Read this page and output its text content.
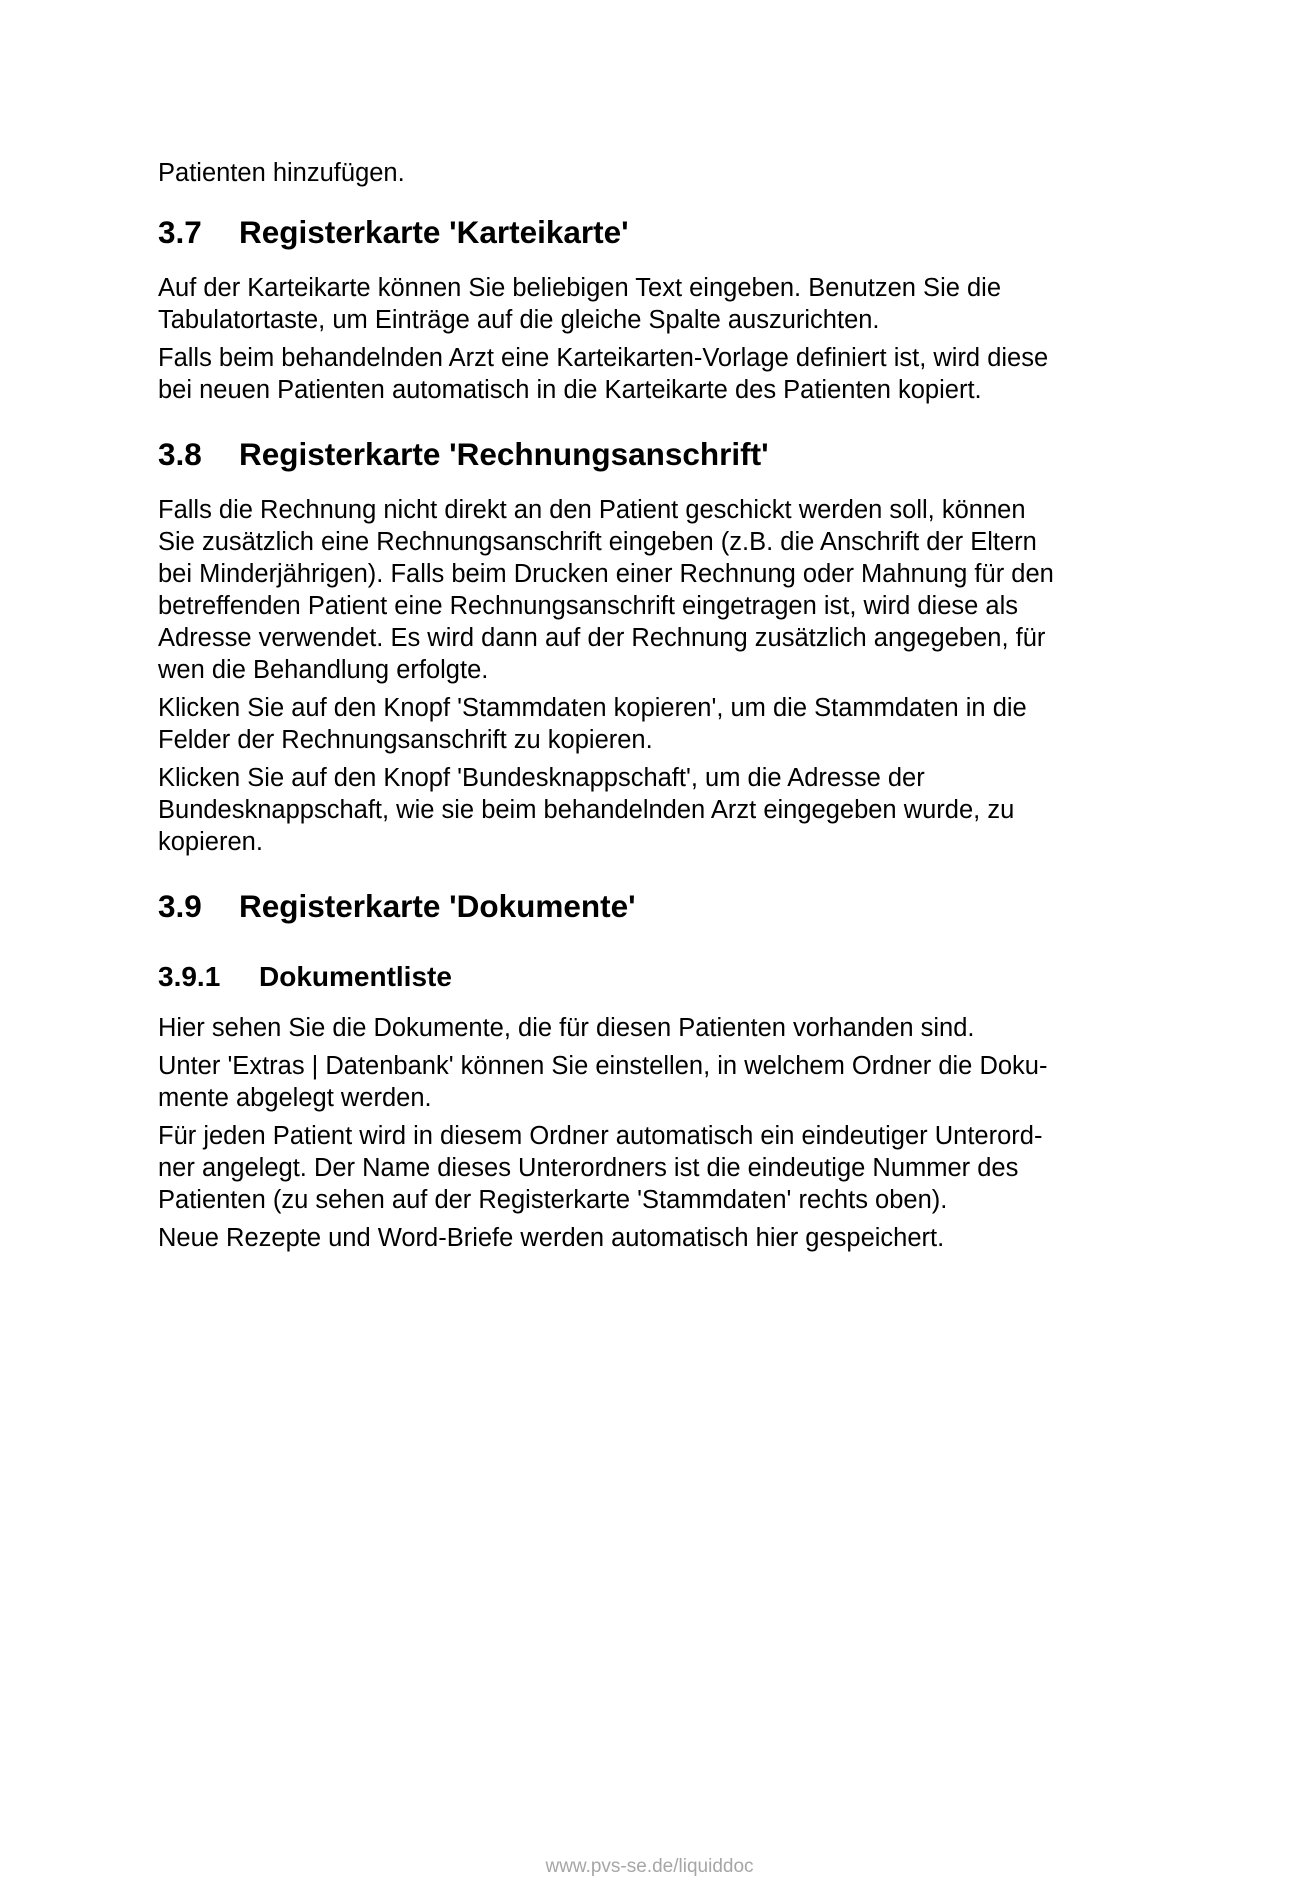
Patienten hinzufügen.

3.7 Registerkarte 'Karteikarte'

Auf der Karteikarte können Sie beliebigen Text eingeben. Benutzen Sie die
Tabulatortaste, um Einträge auf die gleiche Spalte auszurichten.

Falls beim behandelnden Arzt eine Karteikarten-Vorlage definiert ist, wird diese
bei neuen Patienten automatisch in die Karteikarte des Patienten kopiert.

3.8 Registerkarte 'Rechnungsanschrift'

Falls die Rechnung nicht direkt an den Patient geschickt werden soll, können
Sie zusätzlich eine Rechnungsanschrift eingeben (z.B. die Anschrift der Eltern
bei Minderjährigen). Falls beim Drucken einer Rechnung oder Mahnung für den
betreffenden Patient eine Rechnungsanschrift eingetragen ist, wird diese als
Adresse verwendet. Es wird dann auf der Rechnung zusätzlich angegeben, für
wen die Behandlung erfolgte.

Klicken Sie auf den Knopf 'Stammdaten kopieren', um die Stammdaten in die
Felder der Rechnungsanschrift zu kopieren.

Klicken Sie auf den Knopf 'Bundesknappschaft', um die Adresse der
Bundesknappschaft, wie sie beim behandelnden Arzt eingegeben wurde, zu
kopieren.

3.9 Registerkarte 'Dokumente'
3.9.1 Dokumentliste

Hier sehen Sie die Dokumente, die für diesen Patienten vorhanden sind.

Unter 'Extras | Datenbank' können Sie einstellen, in welchem Ordner die Doku-
mente abgelegt werden.

Für jeden Patient wird in diesem Ordner automatisch ein eindeutiger Unterord-
ner angelegt. Der Name dieses Unterordners ist die eindeutige Nummer des
Patienten (zu sehen auf der Registerkarte 'Stammdaten' rechts oben).

Neue Rezepte und Word-Briefe werden automatisch hier gespeichert.

www.pvs-se.de/liquiddoc
